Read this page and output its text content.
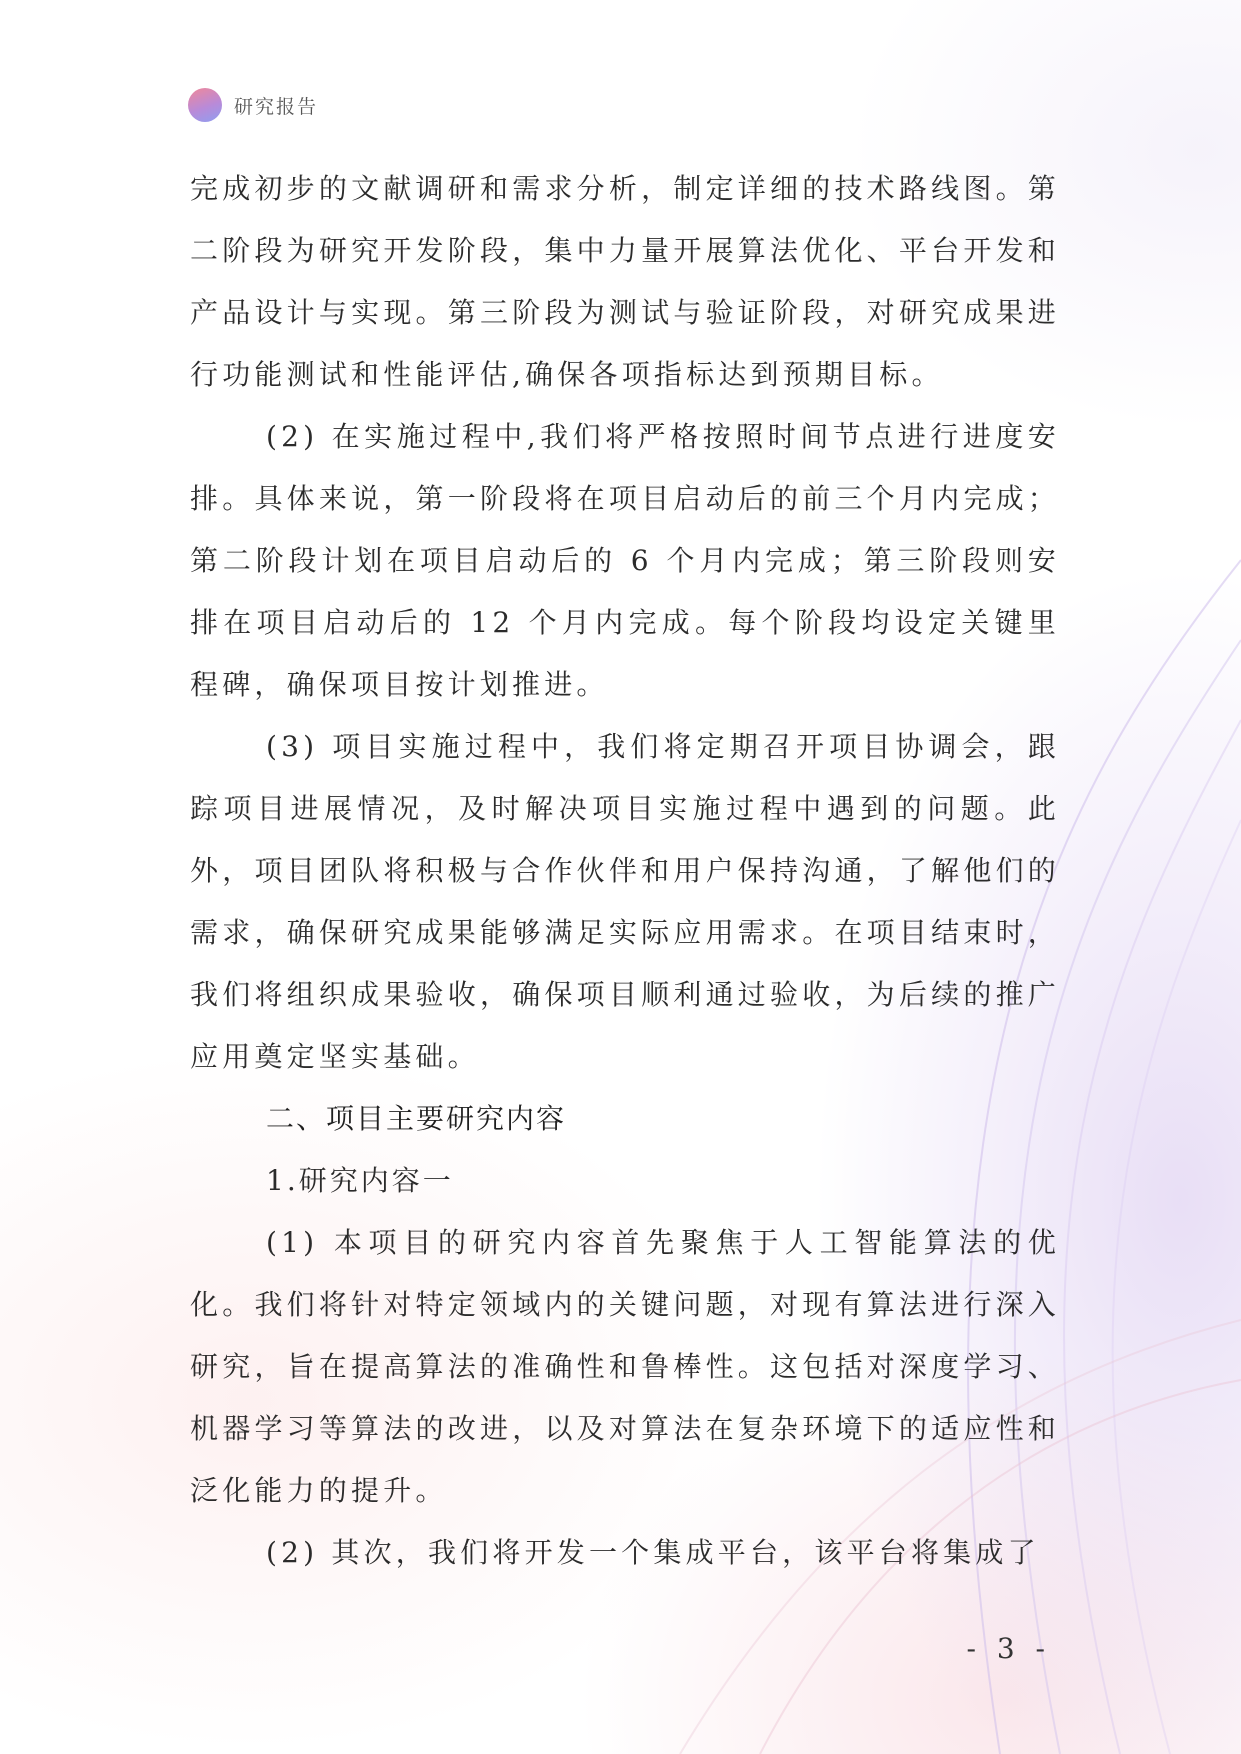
研究报告

完成初步的文献调研和需求分析，制定详细的技术路线图。第二阶段为研究开发阶段，集中力量开展算法优化、平台开发和产品设计与实现。第三阶段为测试与验证阶段，对研究成果进行功能测试和性能评估,确保各项指标达到预期目标。

(2) 在实施过程中,我们将严格按照时间节点进行进度安排。具体来说，第一阶段将在项目启动后的前三个月内完成；第二阶段计划在项目启动后的 6 个月内完成；第三阶段则安排在项目启动后的 12 个月内完成。每个阶段均设定关键里程碑，确保项目按计划推进。

(3) 项目实施过程中，我们将定期召开项目协调会，跟踪项目进展情况，及时解决项目实施过程中遇到的问题。此外，项目团队将积极与合作伙伴和用户保持沟通，了解他们的需求，确保研究成果能够满足实际应用需求。在项目结束时，我们将组织成果验收，确保项目顺利通过验收，为后续的推广应用奠定坚实基础。

二、项目主要研究内容
1.研究内容一

(1) 本项目的研究内容首先聚焦于人工智能算法的优化。我们将针对特定领域内的关键问题，对现有算法进行深入研究，旨在提高算法的准确性和鲁棒性。这包括对深度学习、机器学习等算法的改进，以及对算法在复杂环境下的适应性和泛化能力的提升。

(2) 其次，我们将开发一个集成平台，该平台将集成了

- 3 -
